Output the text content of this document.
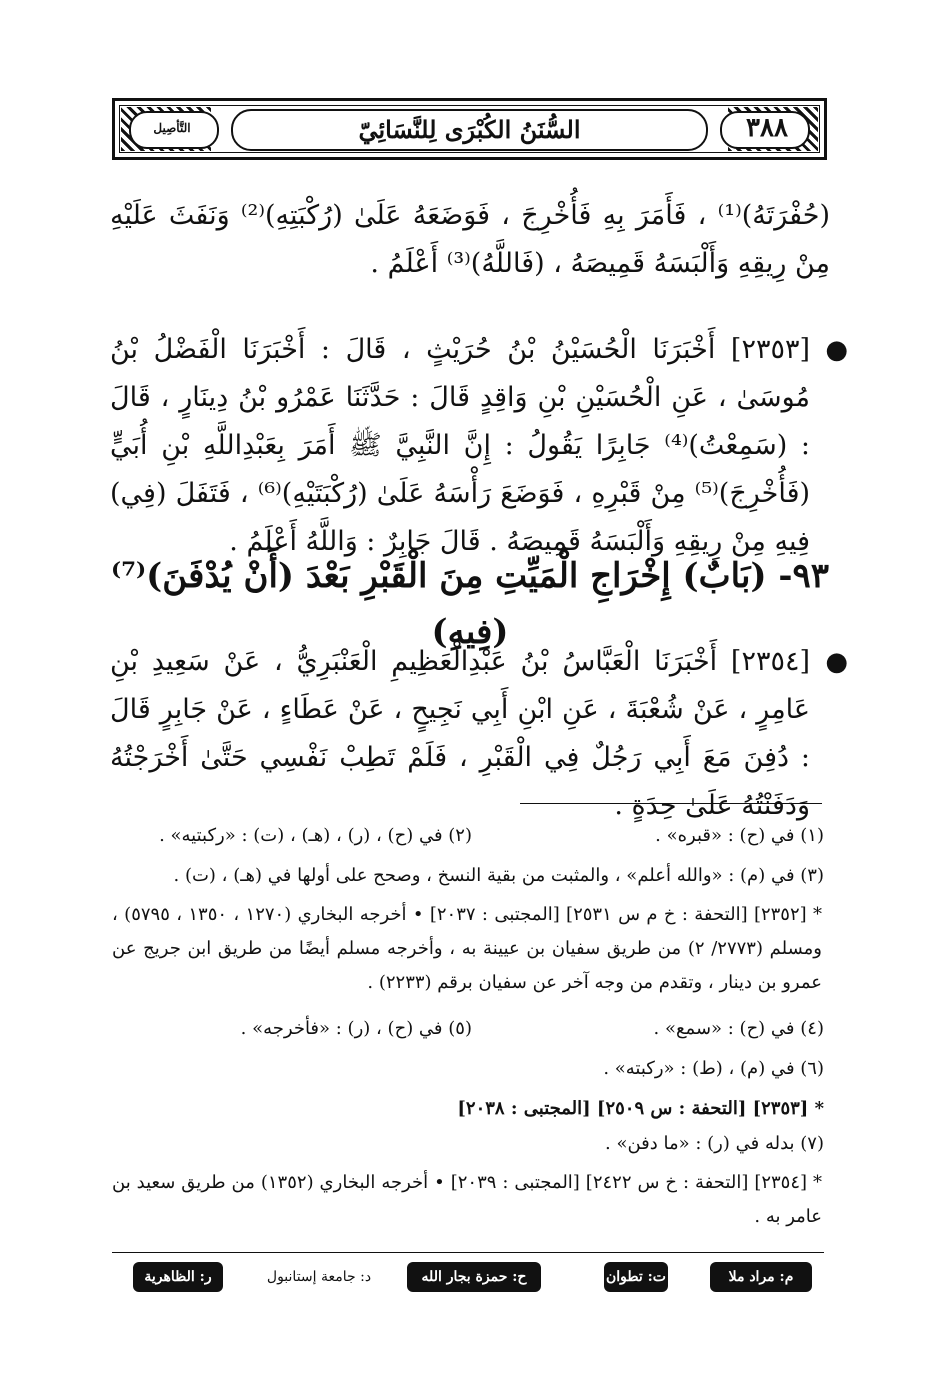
السُّنَنُ الكُبْرَى لِلنَّسَائِيّ	٣٨٨
التَّأصِيل
(حُفْرَتَهُ)⁽¹⁾ ، فَأَمَرَ بِهِ فَأُخْرِجَ ، فَوَضَعَهُ عَلَىٰ (رُكْبَتِهِ)⁽²⁾ وَنَفَثَ عَلَيْهِ مِنْ رِيقِهِ وَأَلْبَسَهُ قَمِيصَهُ ، (فَاللَّهُ)⁽³⁾ أَعْلَمُ .
●
[٢٣٥٣] أَخْبَرَنَا الْحُسَيْنُ بْنُ حُرَيْثٍ ، قَالَ : أَخْبَرَنَا الْفَضْلُ بْنُ مُوسَىٰ ، عَنِ الْحُسَيْنِ بْنِ وَاقِدٍ قَالَ : حَدَّثَنَا عَمْرُو بْنُ دِينَارٍ ، قَالَ : (سَمِعْتُ)⁽⁴⁾ جَابِرًا يَقُولُ : إِنَّ النَّبِيَّ ﷺ أَمَرَ بِعَبْدِاللَّهِ بْنِ أُبَيٍّ (فَأُخْرِجَ)⁽⁵⁾ مِنْ قَبْرِهِ ، فَوَضَعَ رَأْسَهُ عَلَىٰ (رُكْبَتَيْهِ)⁽⁶⁾ ، فَتَفَلَ (فِي) فِيهِ مِنْ رِيقِهِ وَأَلْبَسَهُ قَمِيصَهُ . قَالَ جَابِرٌ : وَاللَّهُ أَعْلَمُ .
٩٣- (بَابٌ) إِخْرَاجِ الْمَيِّتِ مِنَ الْقَبْرِ بَعْدَ (أَنْ يُدْفَنَ)⁽⁷⁾ (فِيهِ)
●
[٢٣٥٤] أَخْبَرَنَا الْعَبَّاسُ بْنُ عَبْدِالْعَظِيمِ الْعَنْبَرِيُّ ، عَنْ سَعِيدِ بْنِ عَامِرٍ ، عَنْ شُعْبَةَ ، عَنِ ابْنِ أَبِي نَجِيحٍ ، عَنْ عَطَاءٍ ، عَنْ جَابِرٍ قَالَ : دُفِنَ مَعَ أَبِي رَجُلٌ فِي الْقَبْرِ ، فَلَمْ تَطِبْ نَفْسِي حَتَّىٰ أَخْرَجْتُهُ وَدَفَنْتُهُ عَلَىٰ حِدَةٍ .
(١) في (ح) : «قبره» .
(٢) في (ح) ، (ر) ، (هـ) ، (ت) : «ركبتيه» .
(٣) في (م) : «والله أعلم» ، والمثبت من بقية النسخ ، وصحح على أولها في (هـ) ، (ت) .
* [٢٣٥٢] [التحفة : خ م س ٢٥٣١] [المجتبى : ٢٠٣٧] • أخرجه البخاري (١٢٧٠ ، ١٣٥٠ ، ٥٧٩٥) ، ومسلم (٢٧٧٣/ ٢) من طريق سفيان بن عيينة به ، وأخرجه مسلم أيضًا من طريق ابن جريج عن عمرو بن دينار ، وتقدم من وجه آخر عن سفيان برقم (٢٢٣٣) .
(٤) في (ح) : «سمع» .
(٥) في (ح) ، (ر) : «فأخرجه» .
(٦) في (م) ، (ط) : «ركبته» .
* [٢٣٥٣] [التحفة : س ٢٥٠٩] [المجتبى : ٢٠٣٨]
(٧) بدله في (ر) : «ما دفن» .
* [٢٣٥٤] [التحفة : خ س ٢٤٢٢] [المجتبى : ٢٠٣٩] • أخرجه البخاري (١٣٥٢) من طريق سعيد بن عامر به .
م: مراد ملا
ت: تطوان
ح: حمزة بجار الله
د: جامعة إستانبول
ر: الظاهرية
